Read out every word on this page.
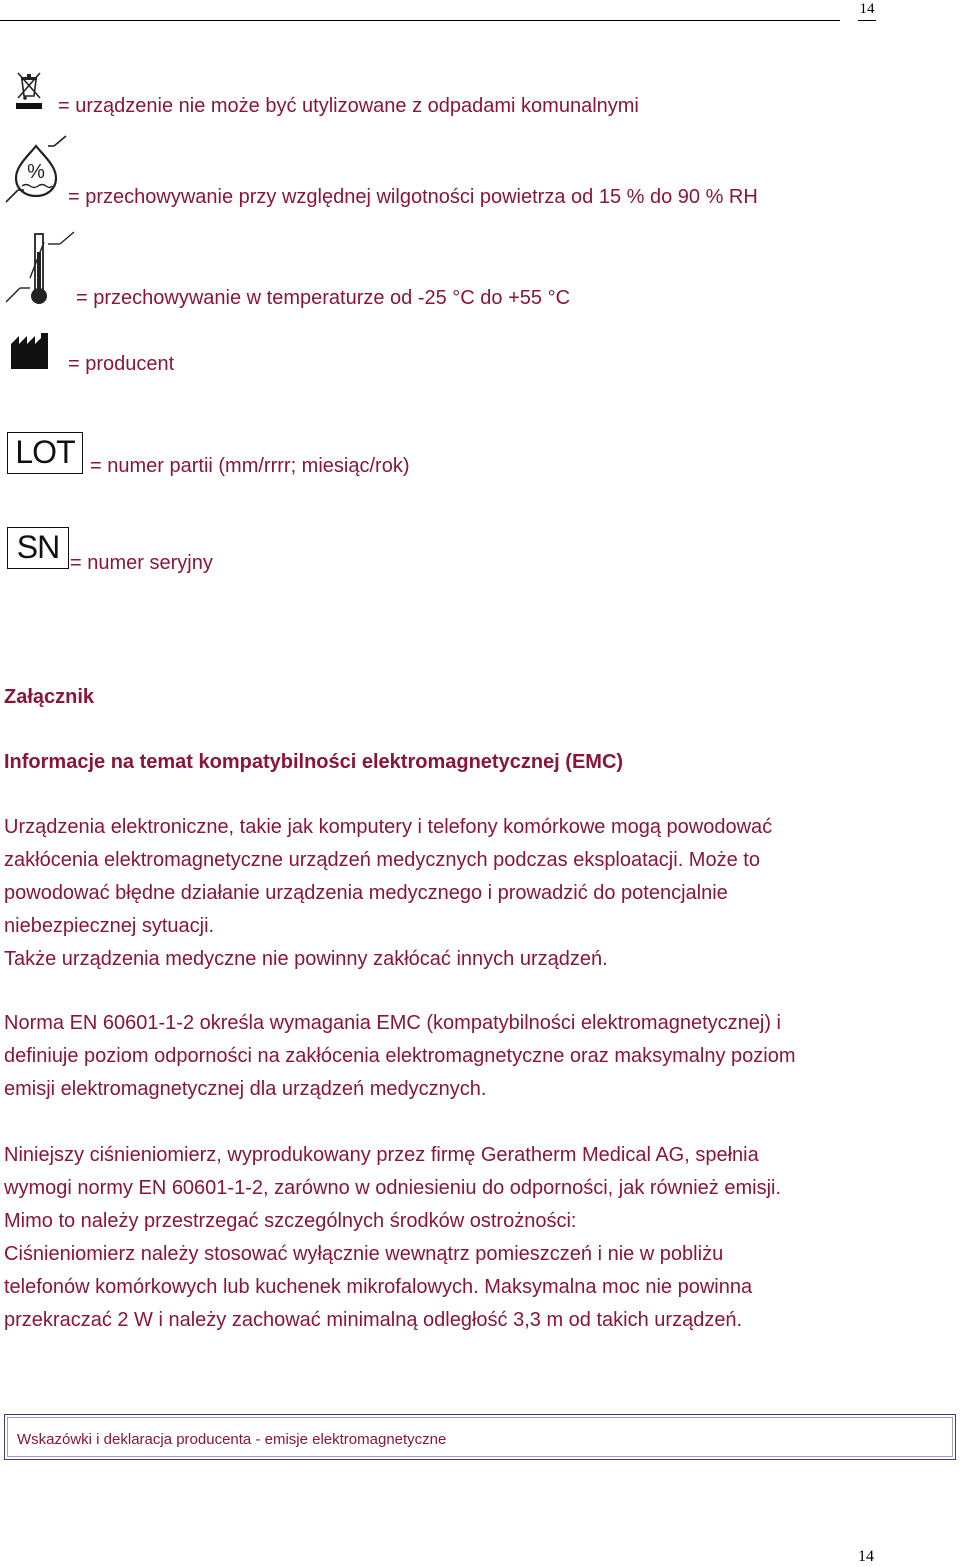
14
= urządzenie nie może być utylizowane z odpadami komunalnymi
%
= przechowywanie przy względnej wilgotności powietrza od 15 % do 90 % RH
= przechowywanie w temperaturze od -25 °C do +55 °C
= producent
LOT = numer partii (mm/rrrr; miesiąc/rok)
SN = numer seryjny
Załącznik
Informacje na temat kompatybilności elektromagnetycznej (EMC)

Urządzenia elektroniczne, takie jak komputery i telefony komórkowe mogą powodować
zakłócenia elektromagnetyczne urządzeń medycznych podczas eksploatacji. Może to
powodować błędne działanie urządzenia medycznego i prowadzić do potencjalnie
niebezpiecznej sytuacji.
Także urządzenia medyczne nie powinny zakłócać innych urządzeń.

Norma EN 60601-1-2 określa wymagania EMC (kompatybilności elektromagnetycznej) i
definiuje poziom odporności na zakłócenia elektromagnetyczne oraz maksymalny poziom
emisji elektromagnetycznej dla urządzeń medycznych.

Niniejszy ciśnieniomierz, wyprodukowany przez firmę Geratherm Medical AG, spełnia
wymogi normy EN 60601-1-2, zarówno w odniesieniu do odporności, jak również emisji.
Mimo to należy przestrzegać szczególnych środków ostrożności:
Ciśnieniomierz należy stosować wyłącznie wewnątrz pomieszczeń i nie w pobliżu
telefonów komórkowych lub kuchenek mikrofalowych. Maksymalna moc nie powinna
przekraczać 2 W i należy zachować minimalną odległość 3,3 m od takich urządzeń.

Wskazówki i deklaracja producenta - emisje elektromagnetyczne
14
